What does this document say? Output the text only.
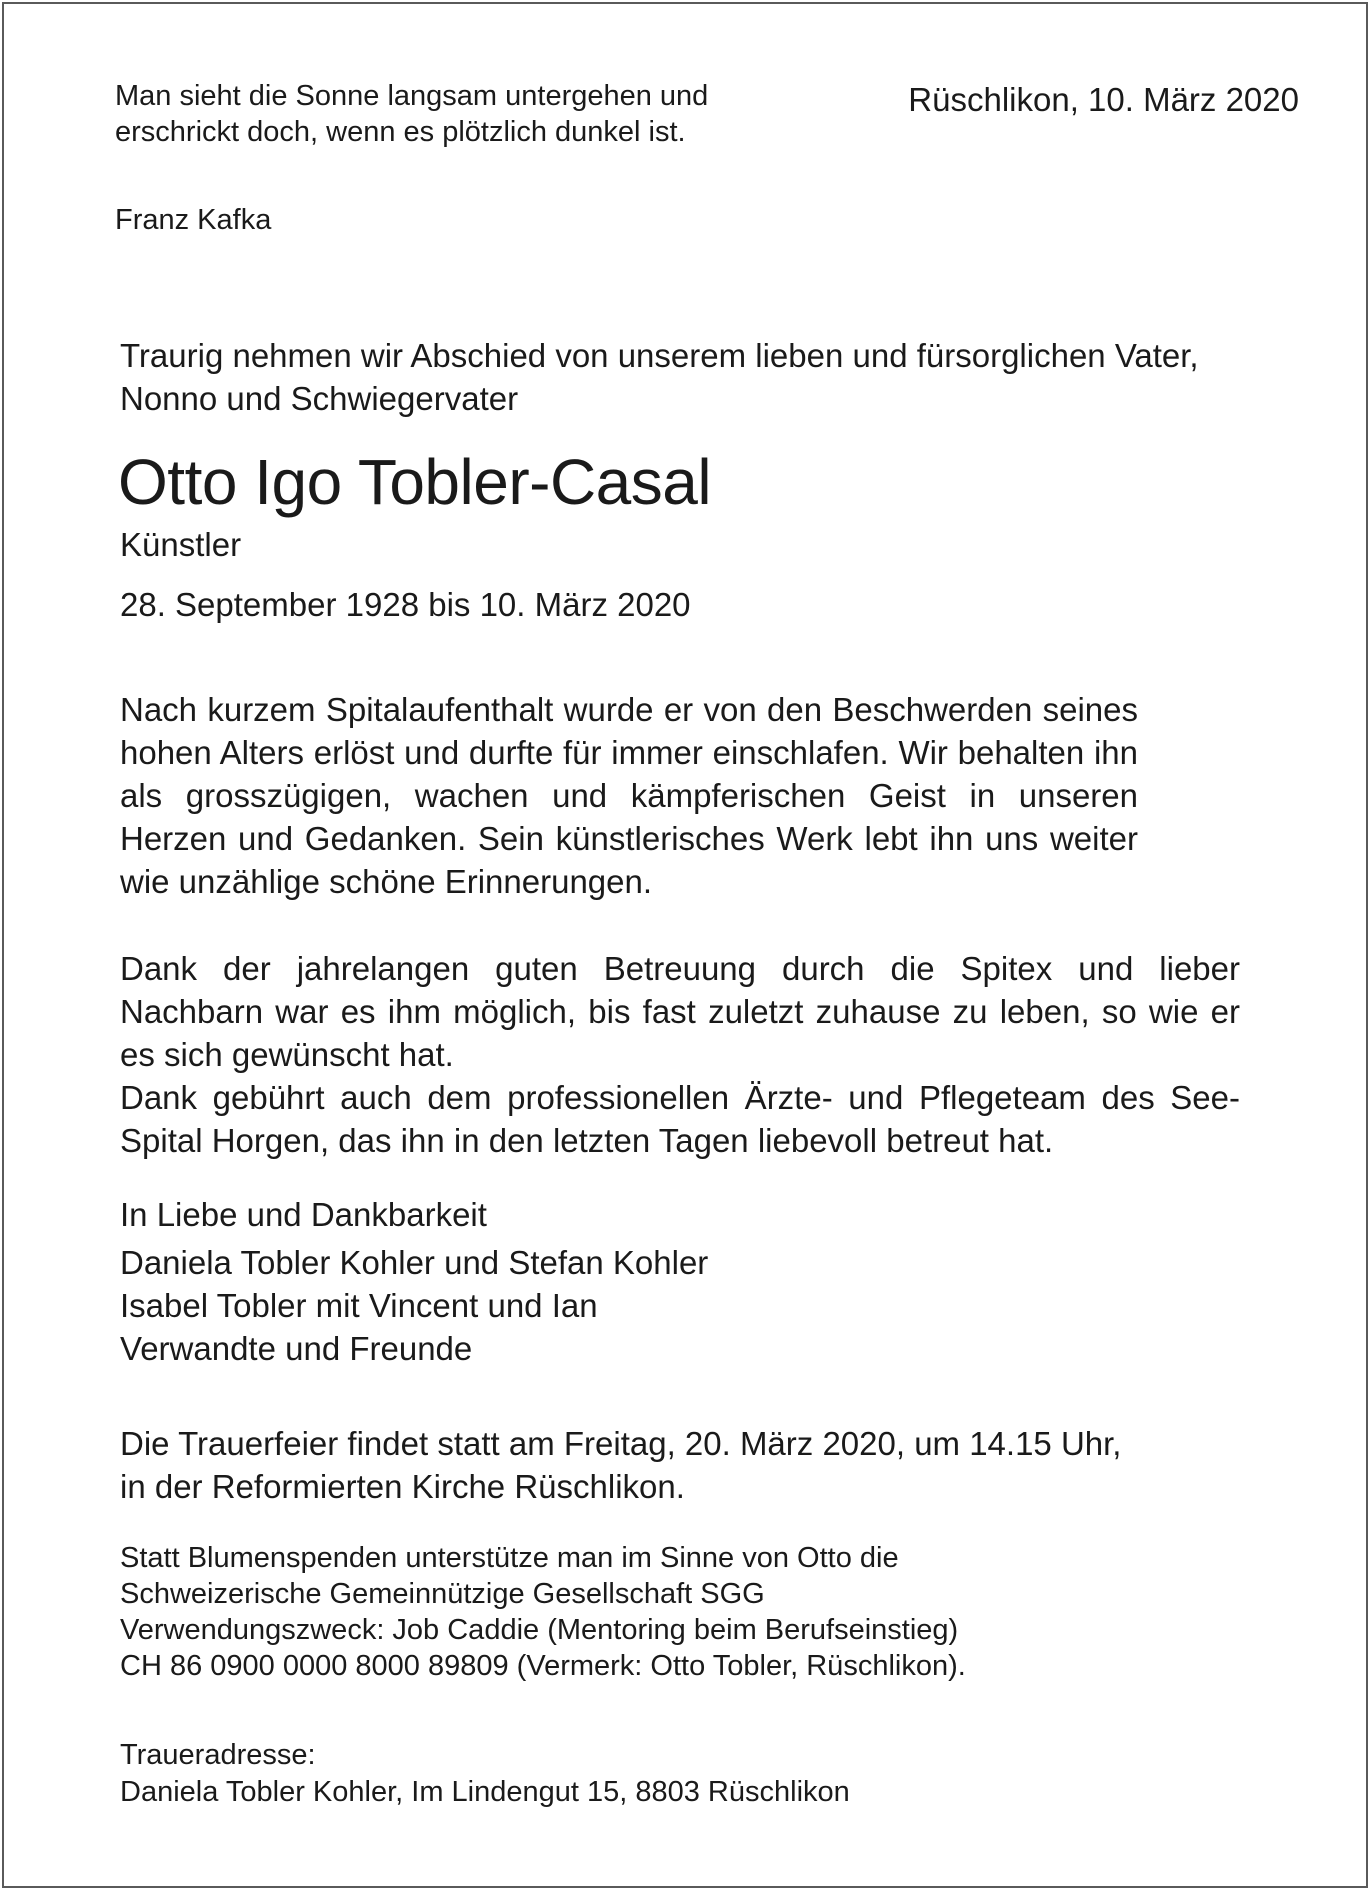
Man sieht die Sonne langsam untergehen und erschrickt doch, wenn es plötzlich dunkel ist.

Franz Kafka

Rüschlikon, 10. März 2020

Traurig nehmen wir Abschied von unserem lieben und fürsorglichen Vater, Nonno und Schwiegervater

Otto Igo Tobler-Casal

Künstler

28. September 1928 bis 10. März 2020

Nach kurzem Spitalaufenthalt wurde er von den Beschwerden seines hohen Alters erlöst und durfte für immer einschlafen. Wir behalten ihn als grosszügigen, wachen und kämpferischen Geist in unseren Herzen und Gedanken. Sein künstlerisches Werk lebt ihn uns weiter wie unzählige schöne Erinnerungen.

Dank der jahrelangen guten Betreuung durch die Spitex und lieber Nachbarn war es ihm möglich, bis fast zuletzt zuhause zu leben, so wie er es sich gewünscht hat.

Dank gebührt auch dem professionellen Ärzte- und Pflegeteam des See-Spital Horgen, das ihn in den letzten Tagen liebevoll betreut hat.

In Liebe und Dankbarkeit

Daniela Tobler Kohler und Stefan Kohler
Isabel Tobler mit Vincent und Ian
Verwandte und Freunde
Die Trauerfeier findet statt am Freitag, 20. März 2020, um 14.15 Uhr,
in der Reformierten Kirche Rüschlikon.
Statt Blumenspenden unterstütze man im Sinne von Otto die
Schweizerische Gemeinnützige Gesellschaft SGG
Verwendungszweck: Job Caddie (Mentoring beim Berufseinstieg)
CH 86 0900 0000 8000 89809 (Vermerk: Otto Tobler, Rüschlikon).
Traueradresse:
Daniela Tobler Kohler, Im Lindengut 15, 8803 Rüschlikon
